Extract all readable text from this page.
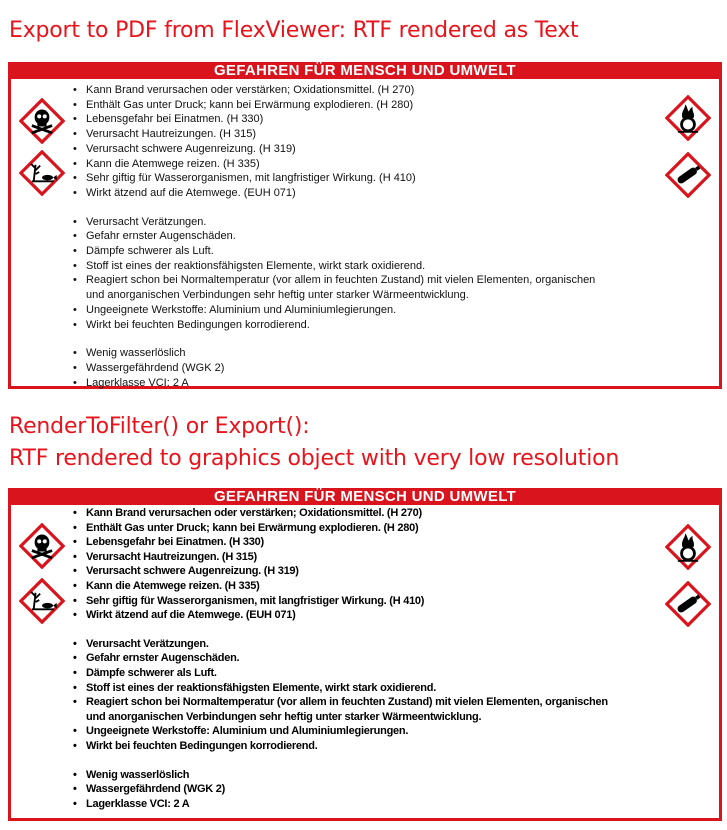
Export to PDF from FlexViewer: RTF rendered as Text
GEFAHREN FÜR MENSCH UND UMWELT
• Kann Brand verursachen oder verstärken; Oxidationsmittel. (H 270)
• Enthält Gas unter Druck; kann bei Erwärmung explodieren. (H 280)
• Lebensgefahr bei Einatmen. (H 330)
• Verursacht Hautreizungen. (H 315)
• Verursacht schwere Augenreizung. (H 319)
• Kann die Atemwege reizen. (H 335)
• Sehr giftig für Wasserorganismen, mit langfristiger Wirkung. (H 410)
• Wirkt ätzend auf die Atemwege. (EUH 071)
• Verursacht Verätzungen.
• Gefahr ernster Augenschäden.
• Dämpfe schwerer als Luft.
• Stoff ist eines der reaktionsfähigsten Elemente, wirkt stark oxidierend.
• Reagiert schon bei Normaltemperatur (vor allem in feuchten Zustand) mit vielen Elementen, organischen
und anorganischen Verbindungen sehr heftig unter starker Wärmeentwicklung.
• Ungeeignete Werkstoffe: Aluminium und Aluminiumlegierungen.
• Wirkt bei feuchten Bedingungen korrodierend.
• Wenig wasserlöslich
• Wassergefährdend (WGK 2)
• Lagerklasse VCI: 2 A
RenderToFilter() or Export():
RTF rendered to graphics object with very low resolution
GEFAHREN FÜR MENSCH UND UMWELT
• Kann Brand verursachen oder verstärken; Oxidationsmittel. (H 270)
• Enthält Gas unter Druck; kann bei Erwärmung explodieren. (H 280)
• Lebensgefahr bei Einatmen. (H 330)
• Verursacht Hautreizungen. (H 315)
• Verursacht schwere Augenreizung. (H 319)
• Kann die Atemwege reizen. (H 335)
• Sehr giftig für Wasserorganismen, mit langfristiger Wirkung. (H 410)
• Wirkt ätzend auf die Atemwege. (EUH 071)
• Verursacht Verätzungen.
• Gefahr ernster Augenschäden.
• Dämpfe schwerer als Luft.
• Stoff ist eines der reaktionsfähigsten Elemente, wirkt stark oxidierend.
• Reagiert schon bei Normaltemperatur (vor allem in feuchten Zustand) mit vielen Elementen, organischen
und anorganischen Verbindungen sehr heftig unter starker Wärmeentwicklung.
• Ungeeignete Werkstoffe: Aluminium und Aluminiumlegierungen.
• Wirkt bei feuchten Bedingungen korrodierend.
• Wenig wasserlöslich
• Wassergefährdend (WGK 2)
• Lagerklasse VCI: 2 A
